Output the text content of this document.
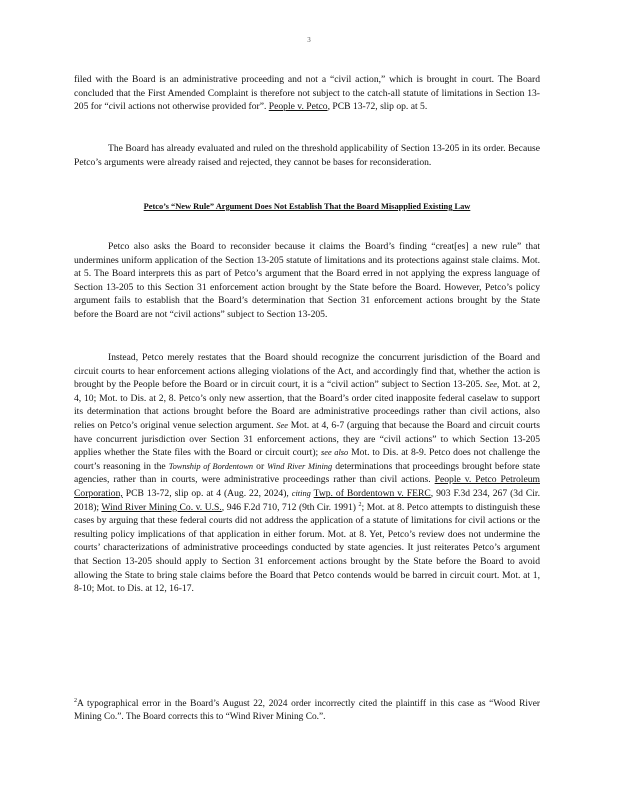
3

filed with the Board is an administrative proceeding and not a “civil action,” which is brought in court. The Board concluded that the First Amended Complaint is therefore not subject to the catch-all statute of limitations in Section 13-205 for “civil actions not otherwise provided for”. People v. Petco, PCB 13-72, slip op. at 5.

The Board has already evaluated and ruled on the threshold applicability of Section 13-205 in its order. Because Petco’s arguments were already raised and rejected, they cannot be bases for reconsideration.

Petco’s “New Rule” Argument Does Not Establish That the Board Misapplied Existing Law

Petco also asks the Board to reconsider because it claims the Board’s finding “creat[es] a new rule” that undermines uniform application of the Section 13-205 statute of limitations and its protections against stale claims. Mot. at 5. The Board interprets this as part of Petco’s argument that the Board erred in not applying the express language of Section 13-205 to this Section 31 enforcement action brought by the State before the Board. However, Petco’s policy argument fails to establish that the Board’s determination that Section 31 enforcement actions brought by the State before the Board are not “civil actions” subject to Section 13-205.

Instead, Petco merely restates that the Board should recognize the concurrent jurisdiction of the Board and circuit courts to hear enforcement actions alleging violations of the Act, and accordingly find that, whether the action is brought by the People before the Board or in circuit court, it is a “civil action” subject to Section 13-205. See, Mot. at 2, 4, 10; Mot. to Dis. at 2, 8. Petco’s only new assertion, that the Board’s order cited inapposite federal caselaw to support its determination that actions brought before the Board are administrative proceedings rather than civil actions, also relies on Petco’s original venue selection argument. See Mot. at 4, 6-7 (arguing that because the Board and circuit courts have concurrent jurisdiction over Section 31 enforcement actions, they are “civil actions” to which Section 13-205 applies whether the State files with the Board or circuit court); see also Mot. to Dis. at 8-9. Petco does not challenge the court’s reasoning in the Township of Bordentown or Wind River Mining determinations that proceedings brought before state agencies, rather than in courts, were administrative proceedings rather than civil actions. People v. Petco Petroleum Corporation, PCB 13-72, slip op. at 4 (Aug. 22, 2024), citing Twp. of Bordentown v. FERC, 903 F.3d 234, 267 (3d Cir. 2018); Wind River Mining Co. v. U.S., 946 F.2d 710, 712 (9th Cir. 1991) $^2$; Mot. at 8. Petco attempts to distinguish these cases by arguing that these federal courts did not address the application of a statute of limitations for civil actions or the resulting policy implications of that application in either forum. Mot. at 8. Yet, Petco’s review does not undermine the courts’ characterizations of administrative proceedings conducted by state agencies. It just reiterates Petco’s argument that Section 13-205 should apply to Section 31 enforcement actions brought by the State before the Board to avoid allowing the State to bring stale claims before the Board that Petco contends would be barred in circuit court. Mot. at 1, 8-10; Mot. to Dis. at 12, 16-17.

$^2$A typographical error in the Board’s August 22, 2024 order incorrectly cited the plaintiff in this case as “Wood River Mining Co.”. The Board corrects this to “Wind River Mining Co.”.
